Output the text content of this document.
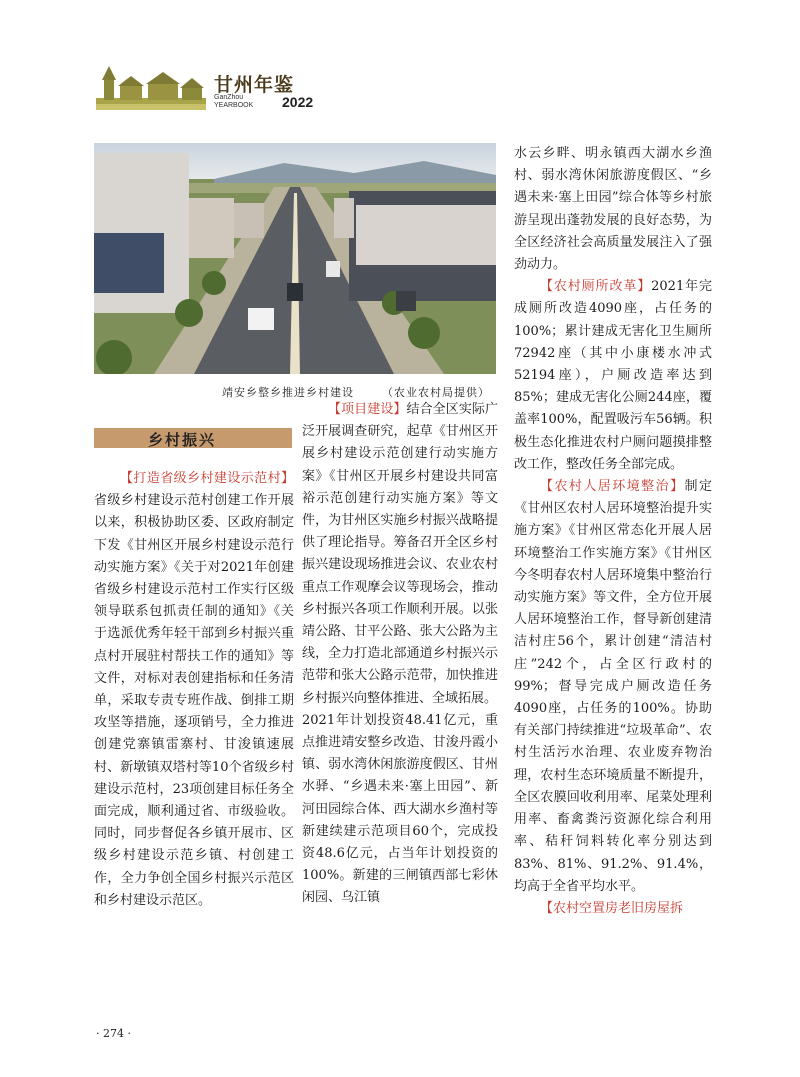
甘州年鉴
GanZhou
YEARBOOK 2022
靖安乡整乡推进乡村建设	（农业农村局提供）
乡村振兴

【打造省级乡村建设示范村】省级乡村建设示范村创建工作开展以来，积极协助区委、区政府制定下发《甘州区开展乡村建设示范行动实施方案》《关于对2021年创建省级乡村建设示范村工作实行区级领导联系包抓责任制的通知》《关于选派优秀年轻干部到乡村振兴重点村开展驻村帮扶工作的通知》等文件，对标对表创建指标和任务清单，采取专责专班作战、倒排工期攻坚等措施，逐项销号，全力推进创建党寨镇雷寨村、甘浚镇速展村、新墩镇双塔村等10个省级乡村建设示范村，23项创建目标任务全面完成，顺利通过省、市级验收。同时，同步督促各乡镇开展市、区级乡村建设示范乡镇、村创建工作，全力争创全国乡村振兴示范区和乡村建设示范区。

【项目建设】结合全区实际广泛开展调查研究，起草《甘州区开展乡村建设示范创建行动实施方案》《甘州区开展乡村建设共同富裕示范创建行动实施方案》等文件，为甘州区实施乡村振兴战略提供了理论指导。筹备召开全区乡村振兴建设现场推进会议、农业农村重点工作观摩会议等现场会，推动乡村振兴各项工作顺利开展。以张靖公路、甘平公路、张大公路为主线，全力打造北部通道乡村振兴示范带和张大公路示范带，加快推进乡村振兴向整体推进、全域拓展。

2021年计划投资48.41亿元，重点推进靖安整乡改造、甘浚丹霞小镇、弱水湾休闲旅游度假区、甘州水驿、“乡遇未来·塞上田园”、新河田园综合体、西大湖水乡渔村等新建续建示范项目60个，完成投资48.6亿元，占当年计划投资的100%。新建的三闸镇西部七彩休闲园、乌江镇

水云乡畔、明永镇西大湖水乡渔村、弱水湾休闲旅游度假区、“乡遇未来·塞上田园”综合体等乡村旅游呈现出蓬勃发展的良好态势，为全区经济社会高质量发展注入了强劲动力。

【农村厕所改革】2021年完成厕所改造4090座，占任务的100%；累计建成无害化卫生厕所72942座（其中小康楼水冲式52194座），户厕改造率达到85%；建成无害化公厕244座，覆盖率100%，配置吸污车56辆。积极生态化推进农村户厕问题摸排整改工作，整改任务全部完成。

【农村人居环境整治】制定《甘州区农村人居环境整治提升实施方案》《甘州区常态化开展人居环境整治工作实施方案》《甘州区今冬明春农村人居环境集中整治行动实施方案》等文件，全方位开展人居环境整治工作，督导新创建清洁村庄56个，累计创建“清洁村庄”242个，占全区行政村的99%；督导完成户厕改造任务4090座，占任务的100%。协助有关部门持续推进“垃圾革命”、农村生活污水治理、农业废弃物治理，农村生态环境质量不断提升，全区农膜回收利用率、尾菜处理利用率、畜禽粪污资源化综合利用率、秸秆饲料转化率分别达到83%、81%、91.2%、91.4%，均高于全省平均水平。

【农村空置房老旧房屋拆

· 274 ·
